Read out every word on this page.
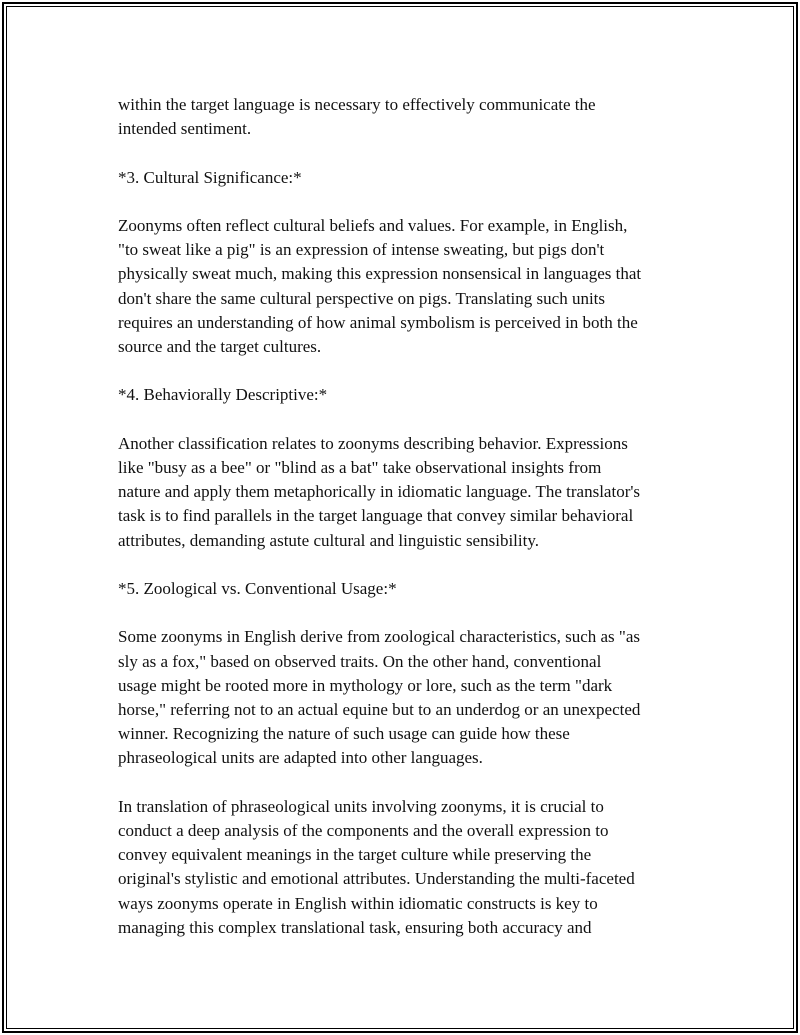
within the target language is necessary to effectively communicate the
intended sentiment.

*3. Cultural Significance:*

Zoonyms often reflect cultural beliefs and values. For example, in English,
"to sweat like a pig" is an expression of intense sweating, but pigs don't
physically sweat much, making this expression nonsensical in languages that
don't share the same cultural perspective on pigs. Translating such units
requires an understanding of how animal symbolism is perceived in both the
source and the target cultures.

*4. Behaviorally Descriptive:*

Another classification relates to zoonyms describing behavior. Expressions
like "busy as a bee" or "blind as a bat" take observational insights from
nature and apply them metaphorically in idiomatic language. The translator's
task is to find parallels in the target language that convey similar behavioral
attributes, demanding astute cultural and linguistic sensibility.

*5. Zoological vs. Conventional Usage:*

Some zoonyms in English derive from zoological characteristics, such as "as
sly as a fox," based on observed traits. On the other hand, conventional
usage might be rooted more in mythology or lore, such as the term "dark
horse," referring not to an actual equine but to an underdog or an unexpected
winner. Recognizing the nature of such usage can guide how these
phraseological units are adapted into other languages.

In translation of phraseological units involving zoonyms, it is crucial to
conduct a deep analysis of the components and the overall expression to
convey equivalent meanings in the target culture while preserving the
original's stylistic and emotional attributes. Understanding the multi-faceted
ways zoonyms operate in English within idiomatic constructs is key to
managing this complex translational task, ensuring both accuracy and
